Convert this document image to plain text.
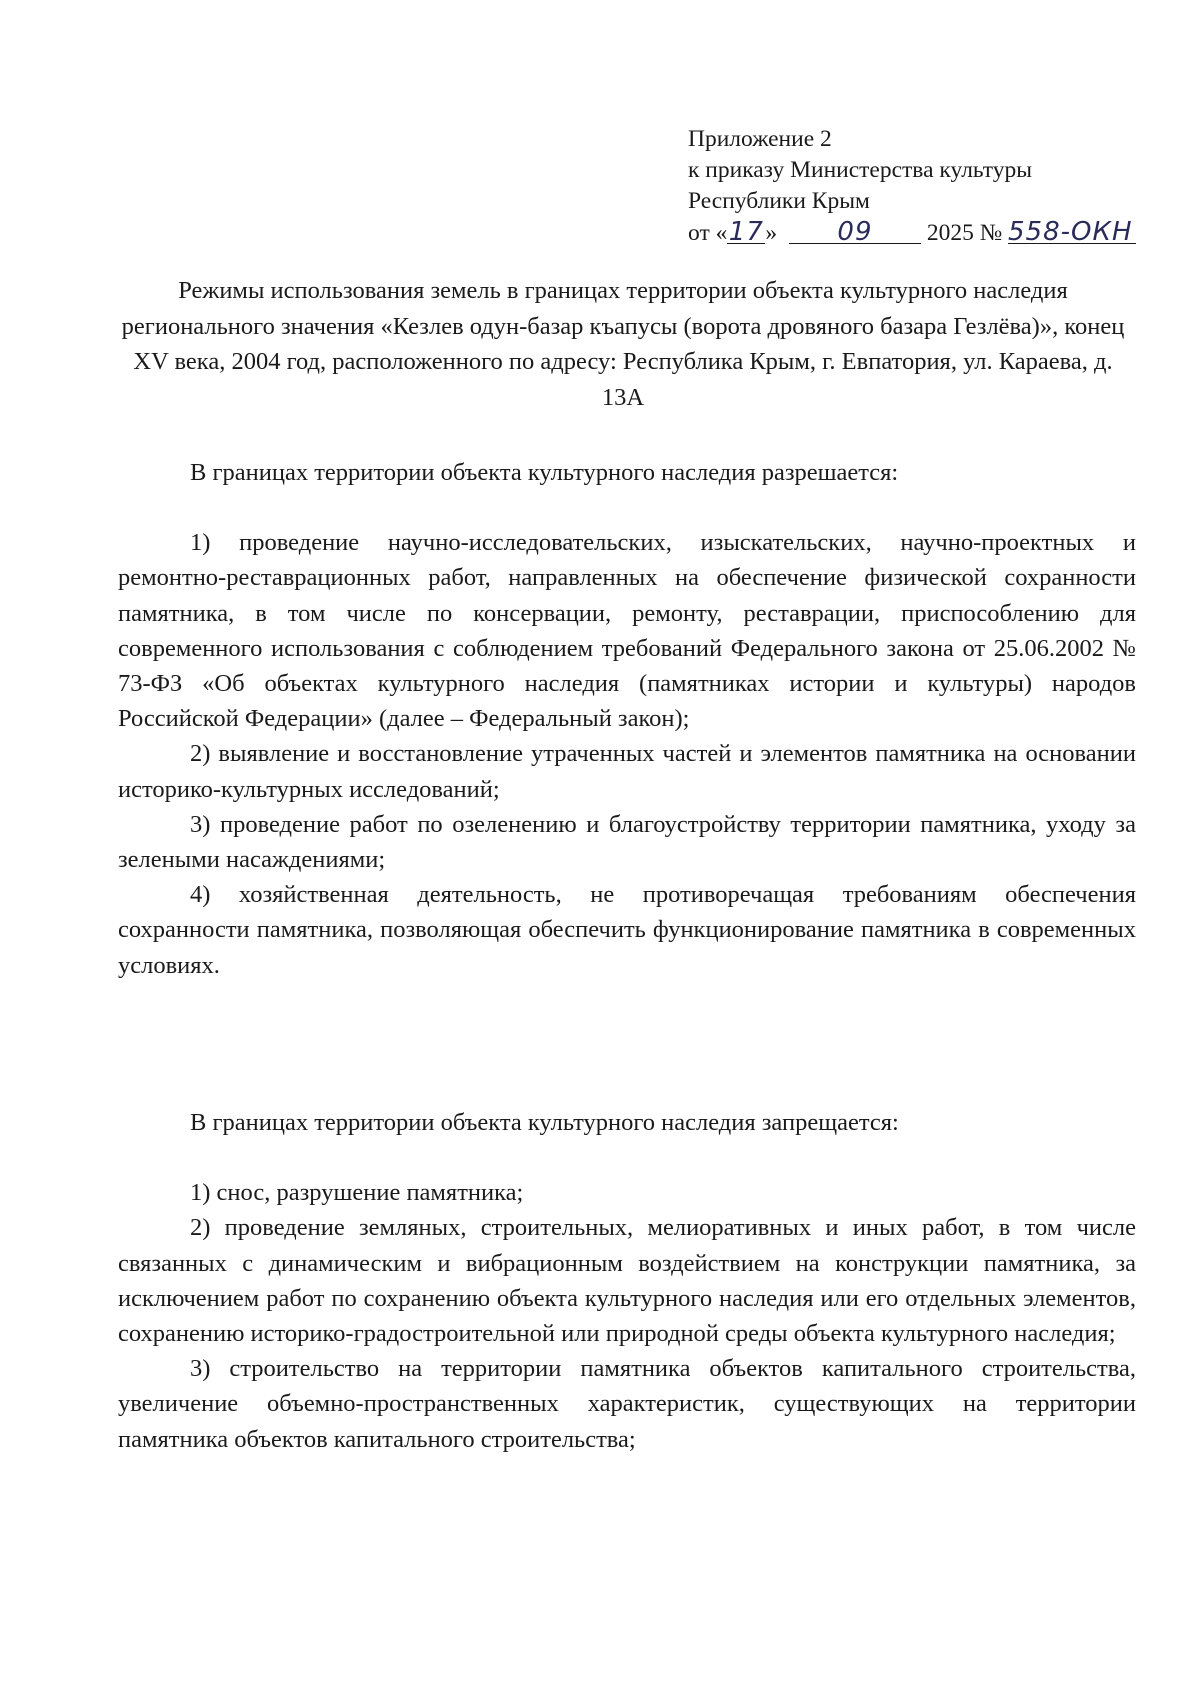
Приложение 2
к приказу Министерства культуры
Республики Крым
от «17» 09 2025 № 558-ОКН
Режимы использования земель в границах территории объекта культурного наследия регионального значения «Кезлев одун-базар къапусы (ворота дровяного базара Гезлёва)», конец XV века, 2004 год, расположенного по адресу: Республика Крым, г. Евпатория, ул. Караева, д. 13А

В границах территории объекта культурного наследия разрешается:

1) проведение научно-исследовательских, изыскательских, научно-проектных и ремонтно-реставрационных работ, направленных на обеспечение физической сохранности памятника, в том числе по консервации, ремонту, реставрации, приспособлению для современного использования с соблюдением требований Федерального закона от 25.06.2002 № 73-ФЗ «Об объектах культурного наследия (памятниках истории и культуры) народов Российской Федерации» (далее – Федеральный закон);

2) выявление и восстановление утраченных частей и элементов памятника на основании историко-культурных исследований;

3) проведение работ по озеленению и благоустройству территории памятника, уходу за зелеными насаждениями;

4) хозяйственная деятельность, не противоречащая требованиям обеспечения сохранности памятника, позволяющая обеспечить функционирование памятника в современных условиях.

В границах территории объекта культурного наследия запрещается:

1) снос, разрушение памятника;

2) проведение земляных, строительных, мелиоративных и иных работ, в том числе связанных с динамическим и вибрационным воздействием на конструкции памятника, за исключением работ по сохранению объекта культурного наследия или его отдельных элементов, сохранению историко-градостроительной или природной среды объекта культурного наследия;

3) строительство на территории памятника объектов капитального строительства, увеличение объемно-пространственных характеристик, существующих на территории памятника объектов капитального строительства;
